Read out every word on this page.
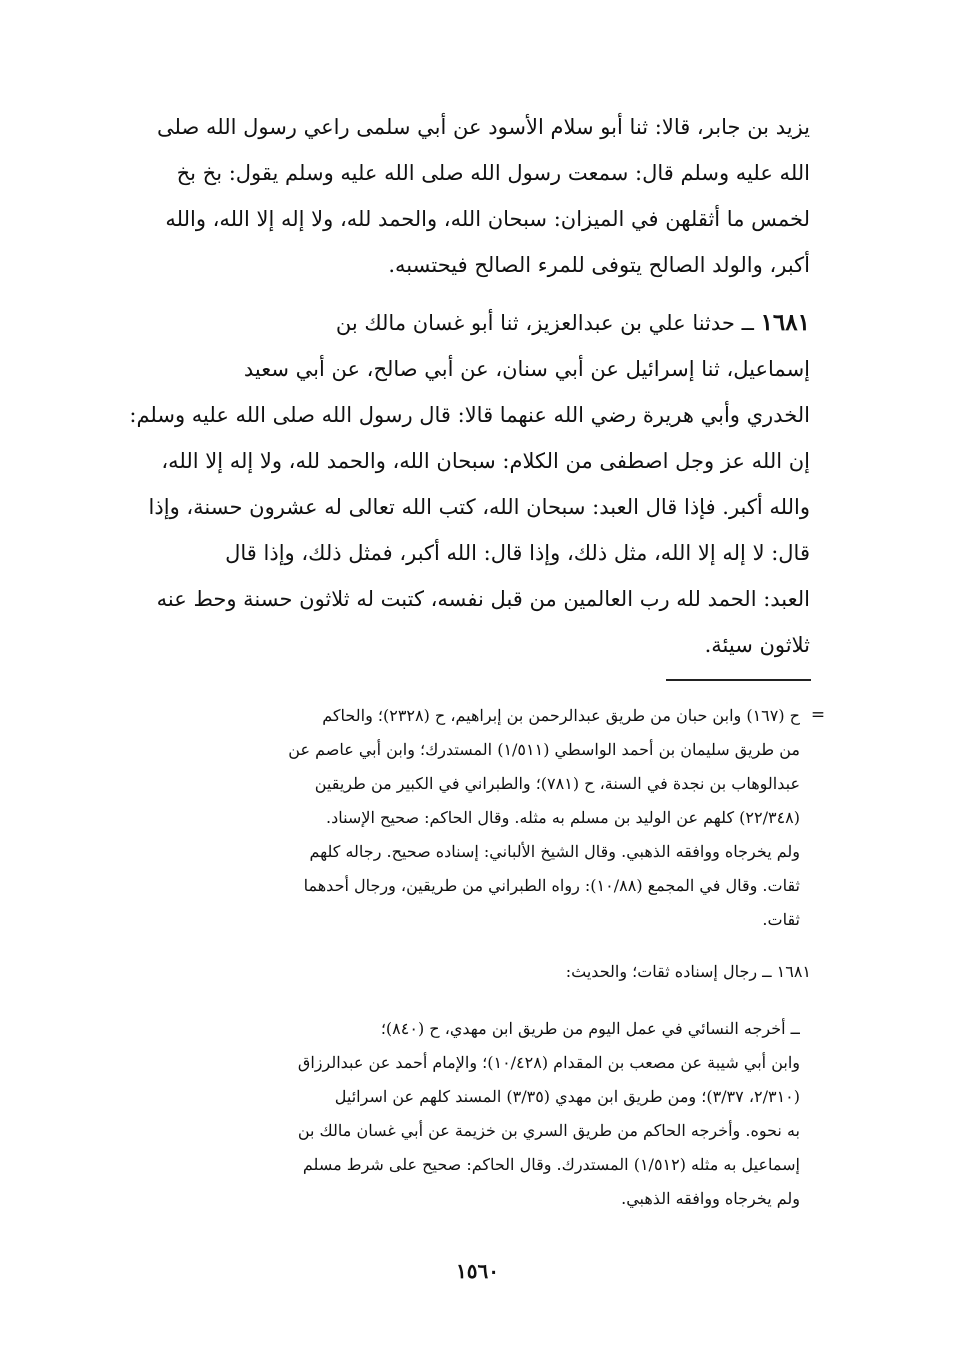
يزيد بن جابر، قالا: ثنا أبو سلام الأسود عن أبي سلمى راعي رسول الله صلى
الله عليه وسلم قال: سمعت رسول الله صلى الله عليه وسلم يقول: بخ بخ
لخمس ما أثقلهن في الميزان: سبحان الله، والحمد لله، ولا إله إلا الله، والله
أكبر، والولد الصالح يتوفى للمرء الصالح فيحتسبه.
١٦٨١ ــ حدثنا علي بن عبدالعزيز، ثنا أبو غسان مالك بن
إسماعيل، ثنا إسرائيل عن أبي سنان، عن أبي صالح، عن أبي سعيد
الخدري وأبي هريرة رضي الله عنهما قالا: قال رسول الله صلى الله عليه وسلم:
إن الله عز وجل اصطفى من الكلام: سبحان الله، والحمد لله، ولا إله إلا الله،
والله أكبر. فإذا قال العبد: سبحان الله، كتب الله تعالى له عشرون حسنة، وإذا
قال: لا إله إلا الله، مثل ذلك، وإذا قال: الله أكبر، فمثل ذلك، وإذا قال
العبد: الحمد لله رب العالمين من قبل نفسه، كتبت له ثلاثون حسنة وحط عنه
ثلاثون سيئة.
=
ح (١٦٧) وابن حبان من طريق عبدالرحمن بن إبراهيم، ح (٢٣٢٨)؛ والحاكم
من طريق سليمان بن أحمد الواسطي (١/٥١١) المستدرك؛ وابن أبي عاصم عن
عبدالوهاب بن نجدة في السنة، ح (٧٨١)؛ والطبراني في الكبير من طريقين
(٢٢/٣٤٨) كلهم عن الوليد بن مسلم به مثله. وقال الحاكم: صحيح الإسناد.
ولم يخرجاه ووافقه الذهبي. وقال الشيخ الألباني: إسناده صحيح. رجاله كلهم
ثقات. وقال في المجمع (١٠/٨٨): رواه الطبراني من طريقين، ورجال أحدهما
ثقات.
١٦٨١ ــ رجال إسناده ثقات؛ والحديث:
ــ أخرجه النسائي في عمل اليوم من طريق ابن مهدي، ح (٨٤٠)؛
وابن أبي شيبة عن مصعب بن المقدام (١٠/٤٢٨)؛ والإمام أحمد عن عبدالرزاق
(٢/٣١٠، ٣/٣٧)؛ ومن طريق ابن مهدي (٣/٣٥) المسند كلهم عن اسرائيل
به نحوه. وأخرجه الحاكم من طريق السري بن خزيمة عن أبي غسان مالك بن
إسماعيل به مثله (١/٥١٢) المستدرك. وقال الحاكم: صحيح على شرط مسلم
ولم يخرجاه ووافقه الذهبي.
١٥٦٠
